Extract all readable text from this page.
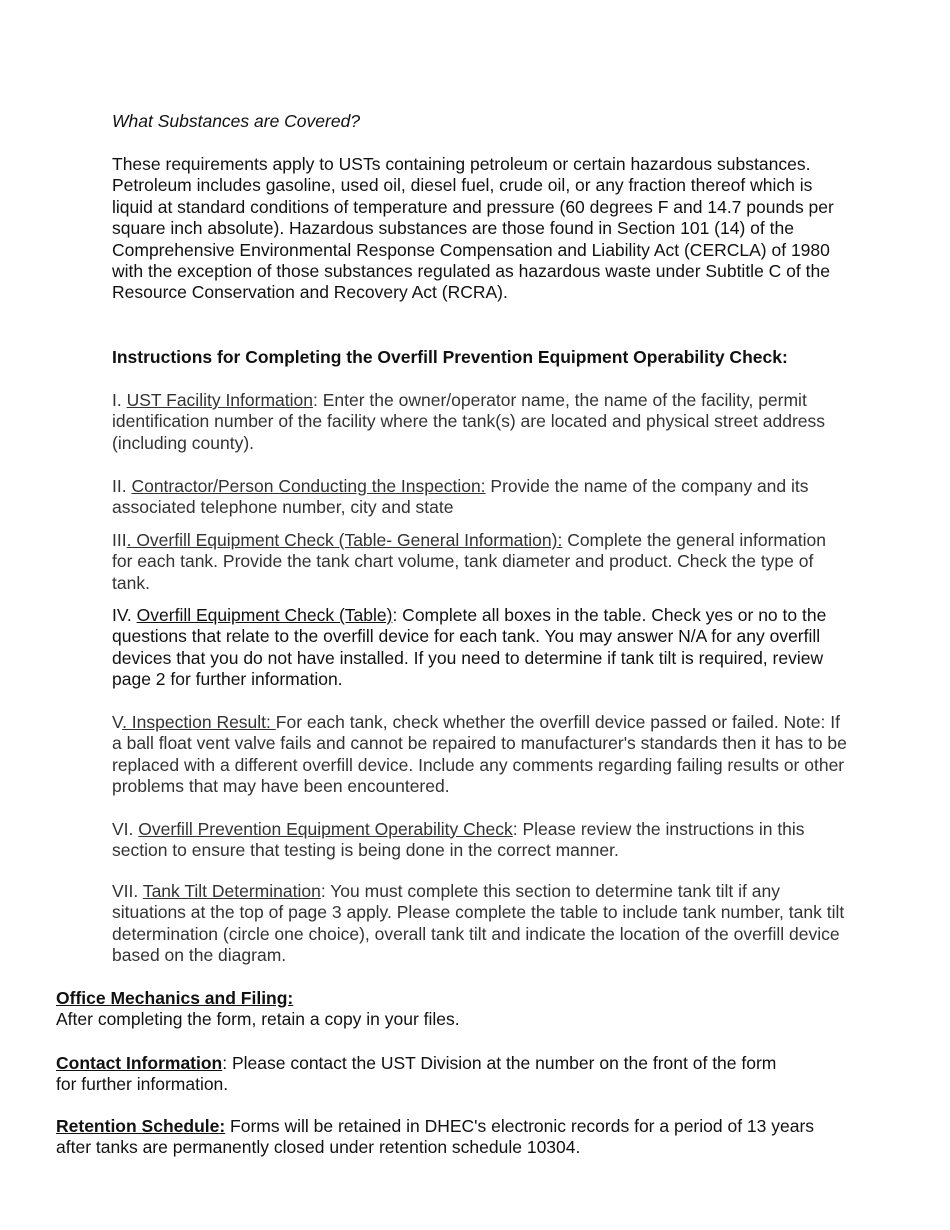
What Substances are Covered?

These requirements apply to USTs containing petroleum or certain hazardous substances. Petroleum includes gasoline, used oil, diesel fuel, crude oil, or any fraction thereof which is liquid at standard conditions of temperature and pressure (60 degrees F and 14.7 pounds per square inch absolute). Hazardous substances are those found in Section 101 (14) of the Comprehensive Environmental Response Compensation and Liability Act (CERCLA) of 1980 with the exception of those substances regulated as hazardous waste under Subtitle C of the Resource Conservation and Recovery Act (RCRA).

Instructions for Completing the Overfill Prevention Equipment Operability Check:

I. UST Facility Information: Enter the owner/operator name, the name of the facility, permit identification number of the facility where the tank(s) are located and physical street address (including county).

II. Contractor/Person Conducting the Inspection: Provide the name of the company and its associated telephone number, city and state

III. Overfill Equipment Check (Table- General Information): Complete the general information for each tank. Provide the tank chart volume, tank diameter and product. Check the type of tank.

IV. Overfill Equipment Check (Table): Complete all boxes in the table. Check yes or no to the questions that relate to the overfill device for each tank. You may answer N/A for any overfill devices that you do not have installed. If you need to determine if tank tilt is required, review page 2 for further information.

V. Inspection Result: For each tank, check whether the overfill device passed or failed. Note: If a ball float vent valve fails and cannot be repaired to manufacturer's standards then it has to be replaced with a different overfill device. Include any comments regarding failing results or other problems that may have been encountered.

VI. Overfill Prevention Equipment Operability Check: Please review the instructions in this section to ensure that testing is being done in the correct manner.

VII. Tank Tilt Determination: You must complete this section to determine tank tilt if any situations at the top of page 3 apply. Please complete the table to include tank number, tank tilt determination (circle one choice), overall tank tilt and indicate the location of the overfill device based on the diagram.

Office Mechanics and Filing:
After completing the form, retain a copy in your files.

Contact Information: Please contact the UST Division at the number on the front of the form for further information.

Retention Schedule: Forms will be retained in DHEC's electronic records for a period of 13 years after tanks are permanently closed under retention schedule 10304.
